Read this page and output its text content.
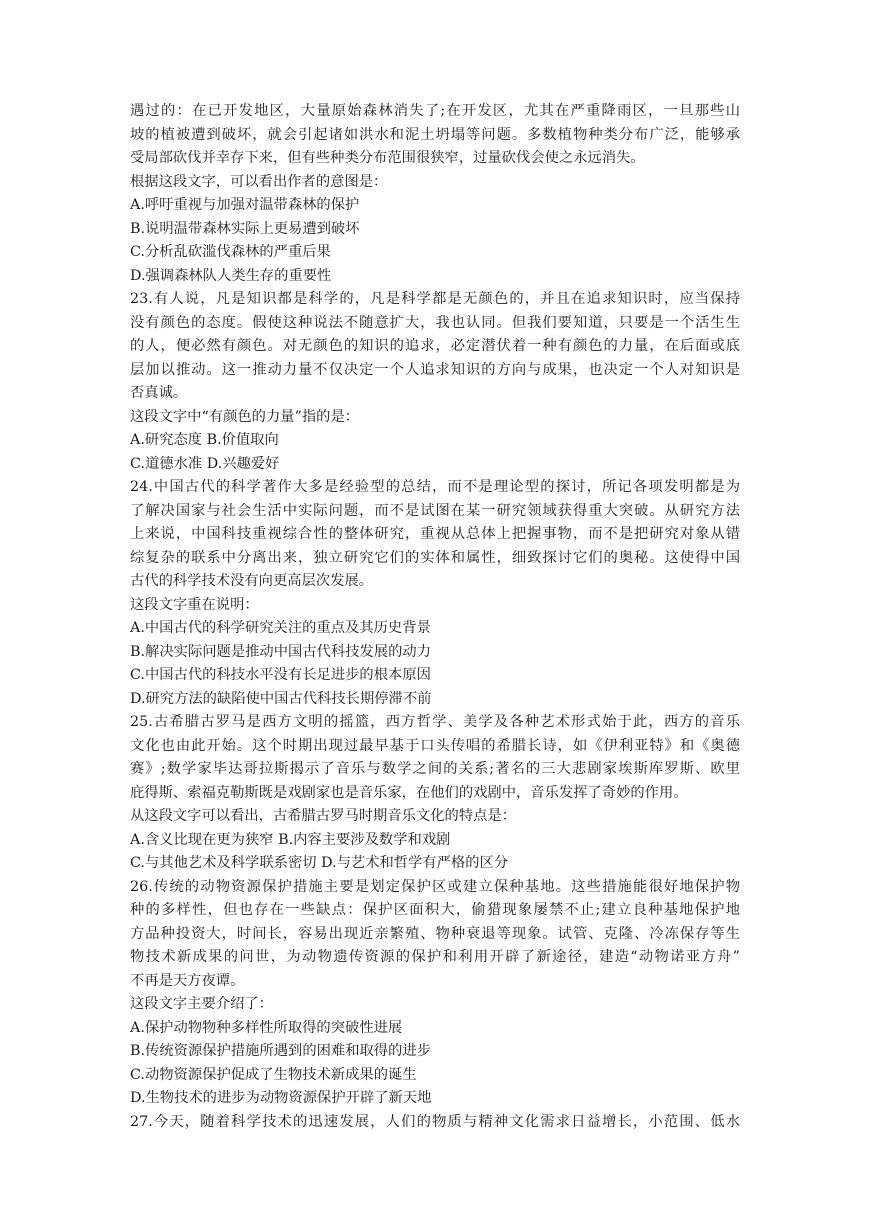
遇过的：在已开发地区，大量原始森林消失了;在开发区，尤其在严重降雨区，一旦那些山
坡的植被遭到破坏，就会引起诸如洪水和泥土坍塌等问题。多数植物种类分布广泛，能够承
受局部砍伐并幸存下来，但有些种类分布范围很狭窄，过量砍伐会使之永远消失。
根据这段文字，可以看出作者的意图是：
A.呼吁重视与加强对温带森林的保护
B.说明温带森林实际上更易遭到破坏
C.分析乱砍滥伐森林的严重后果
D.强调森林队人类生存的重要性
23.有人说，凡是知识都是科学的，凡是科学都是无颜色的，并且在追求知识时，应当保持
没有颜色的态度。假使这种说法不随意扩大，我也认同。但我们要知道，只要是一个活生生
的人，便必然有颜色。对无颜色的知识的追求，必定潜伏着一种有颜色的力量，在后面或底
层加以推动。这一推动力量不仅决定一个人追求知识的方向与成果，也决定一个人对知识是
否真诚。
这段文字中“有颜色的力量”指的是：
A.研究态度 B.价值取向
C.道德水准 D.兴趣爱好
24.中国古代的科学著作大多是经验型的总结，而不是理论型的探讨，所记各项发明都是为
了解决国家与社会生活中实际问题，而不是试图在某一研究领域获得重大突破。从研究方法
上来说，中国科技重视综合性的整体研究，重视从总体上把握事物，而不是把研究对象从错
综复杂的联系中分离出来，独立研究它们的实体和属性，细致探讨它们的奥秘。这使得中国
古代的科学技术没有向更高层次发展。
这段文字重在说明：
A.中国古代的科学研究关注的重点及其历史背景
B.解决实际问题是推动中国古代科技发展的动力
C.中国古代的科技水平没有长足进步的根本原因
D.研究方法的缺陷使中国古代科技长期停滞不前
25.古希腊古罗马是西方文明的摇篮，西方哲学、美学及各种艺术形式始于此，西方的音乐
文化也由此开始。这个时期出现过最早基于口头传唱的希腊长诗，如《伊利亚特》和《奥德
赛》;数学家毕达哥拉斯揭示了音乐与数学之间的关系;著名的三大悲剧家埃斯库罗斯、欧里
庇得斯、索福克勒斯既是戏剧家也是音乐家，在他们的戏剧中，音乐发挥了奇妙的作用。
从这段文字可以看出，古希腊古罗马时期音乐文化的特点是：
A.含义比现在更为狭窄 B.内容主要涉及数学和戏剧
C.与其他艺术及科学联系密切 D.与艺术和哲学有严格的区分
26.传统的动物资源保护措施主要是划定保护区或建立保种基地。这些措施能很好地保护物
种的多样性，但也存在一些缺点：保护区面积大，偷猎现象屡禁不止;建立良种基地保护地
方品种投资大，时间长，容易出现近亲繁殖、物种衰退等现象。试管、克隆、冷冻保存等生
物技术新成果的问世，为动物遗传资源的保护和利用开辟了新途径，建造“动物诺亚方舟”
不再是天方夜谭。
这段文字主要介绍了：
A.保护动物物种多样性所取得的突破性进展
B.传统资源保护措施所遇到的困难和取得的进步
C.动物资源保护促成了生物技术新成果的诞生
D.生物技术的进步为动物资源保护开辟了新天地
27.今天，随着科学技术的迅速发展，人们的物质与精神文化需求日益增长，小范围、低水
